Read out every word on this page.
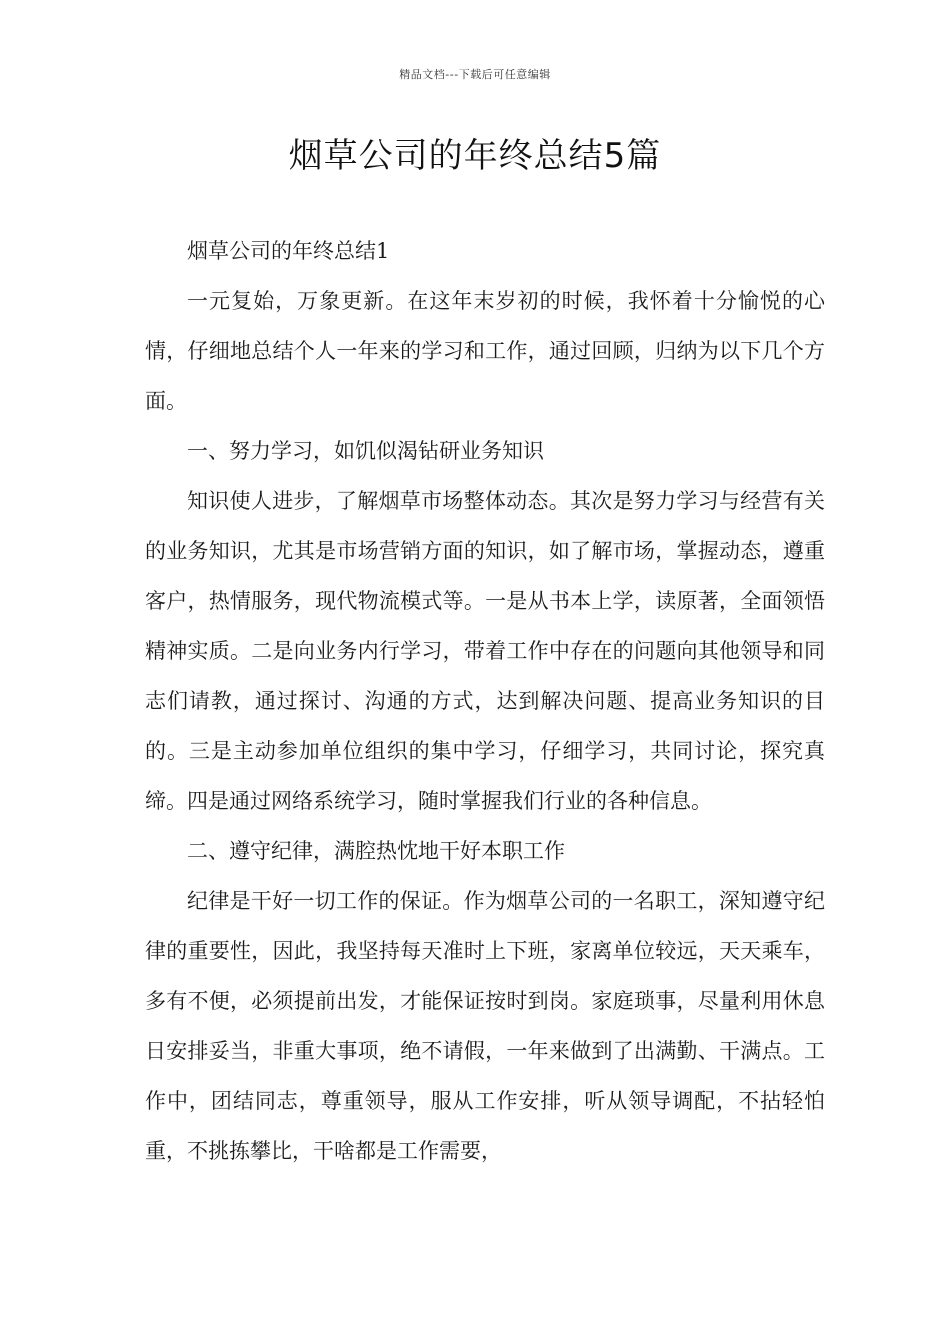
精品文档---下载后可任意编辑
烟草公司的年终总结5篇

烟草公司的年终总结1

一元复始，万象更新。在这年末岁初的时候，我怀着十分愉悦的心情，仔细地总结个人一年来的学习和工作，通过回顾，归纳为以下几个方面。

一、努力学习，如饥似渴钻研业务知识

知识使人进步，了解烟草市场整体动态。其次是努力学习与经营有关的业务知识，尤其是市场营销方面的知识，如了解市场，掌握动态，遵重客户，热情服务，现代物流模式等。一是从书本上学，读原著，全面领悟精神实质。二是向业务内行学习，带着工作中存在的问题向其他领导和同志们请教，通过探讨、沟通的方式，达到解决问题、提高业务知识的目的。三是主动参加单位组织的集中学习，仔细学习，共同讨论，探究真缔。四是通过网络系统学习，随时掌握我们行业的各种信息。

二、遵守纪律，满腔热忱地干好本职工作

纪律是干好一切工作的保证。作为烟草公司的一名职工，深知遵守纪律的重要性，因此，我坚持每天准时上下班，家离单位较远，天天乘车，多有不便，必须提前出发，才能保证按时到岗。家庭琐事，尽量利用休息日安排妥当，非重大事项，绝不请假，一年来做到了出满勤、干满点。工作中，团结同志，尊重领导，服从工作安排，听从领导调配，不拈轻怕重，不挑拣攀比，干啥都是工作需要，
